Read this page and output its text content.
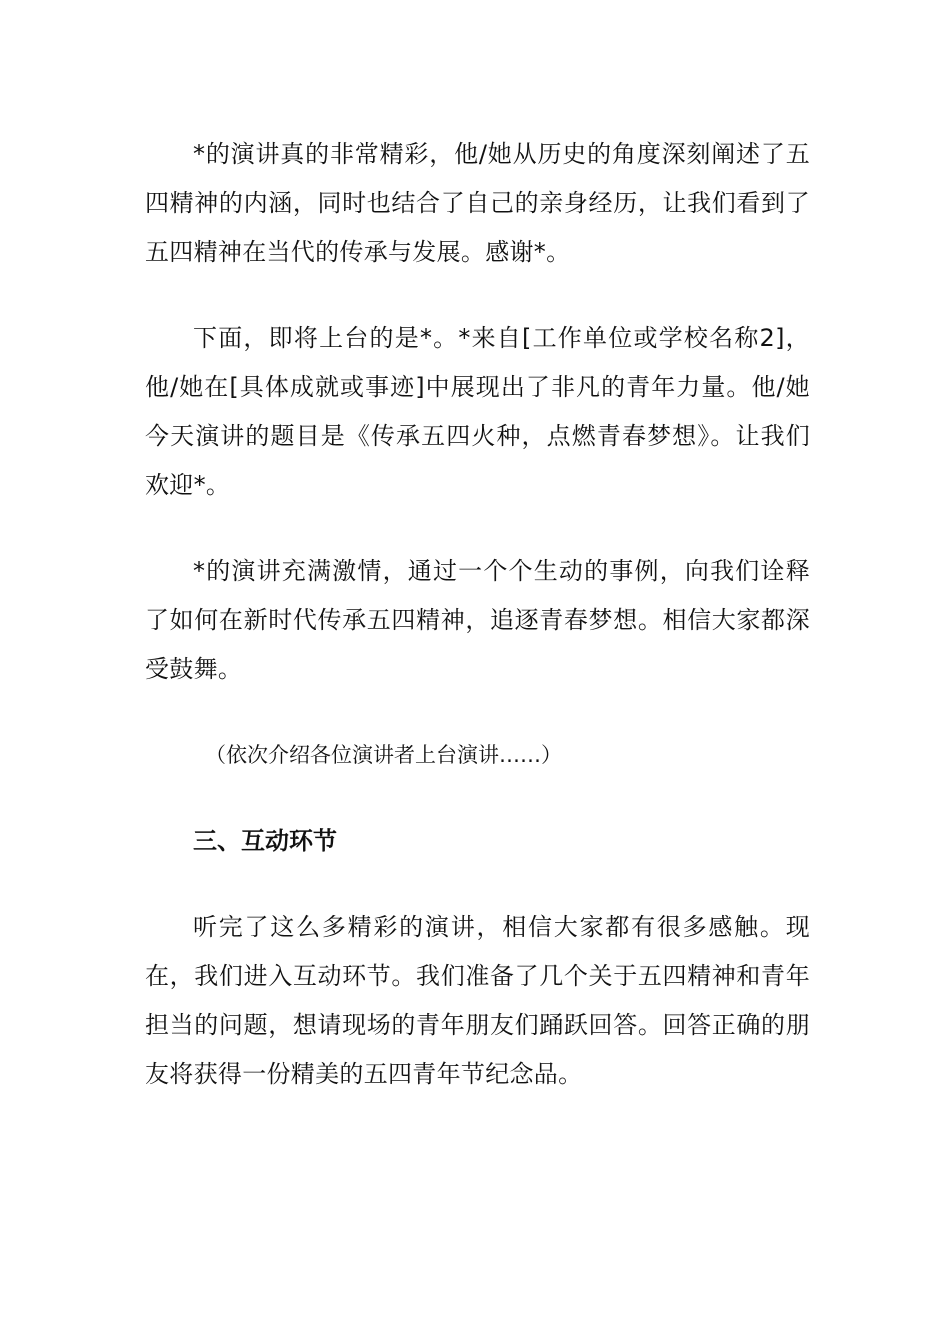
*的演讲真的非常精彩，他/她从历史的角度深刻阐述了五四精神的内涵，同时也结合了自己的亲身经历，让我们看到了五四精神在当代的传承与发展。感谢*。

下面，即将上台的是*。*来自[工作单位或学校名称2]，他/她在[具体成就或事迹]中展现出了非凡的青年力量。他/她今天演讲的题目是《传承五四火种，点燃青春梦想》。让我们欢迎*。

*的演讲充满激情，通过一个个生动的事例，向我们诠释了如何在新时代传承五四精神，追逐青春梦想。相信大家都深受鼓舞。

（依次介绍各位演讲者上台演讲……）

三、互动环节

听完了这么多精彩的演讲，相信大家都有很多感触。现在，我们进入互动环节。我们准备了几个关于五四精神和青年担当的问题，想请现场的青年朋友们踊跃回答。回答正确的朋友将获得一份精美的五四青年节纪念品。
